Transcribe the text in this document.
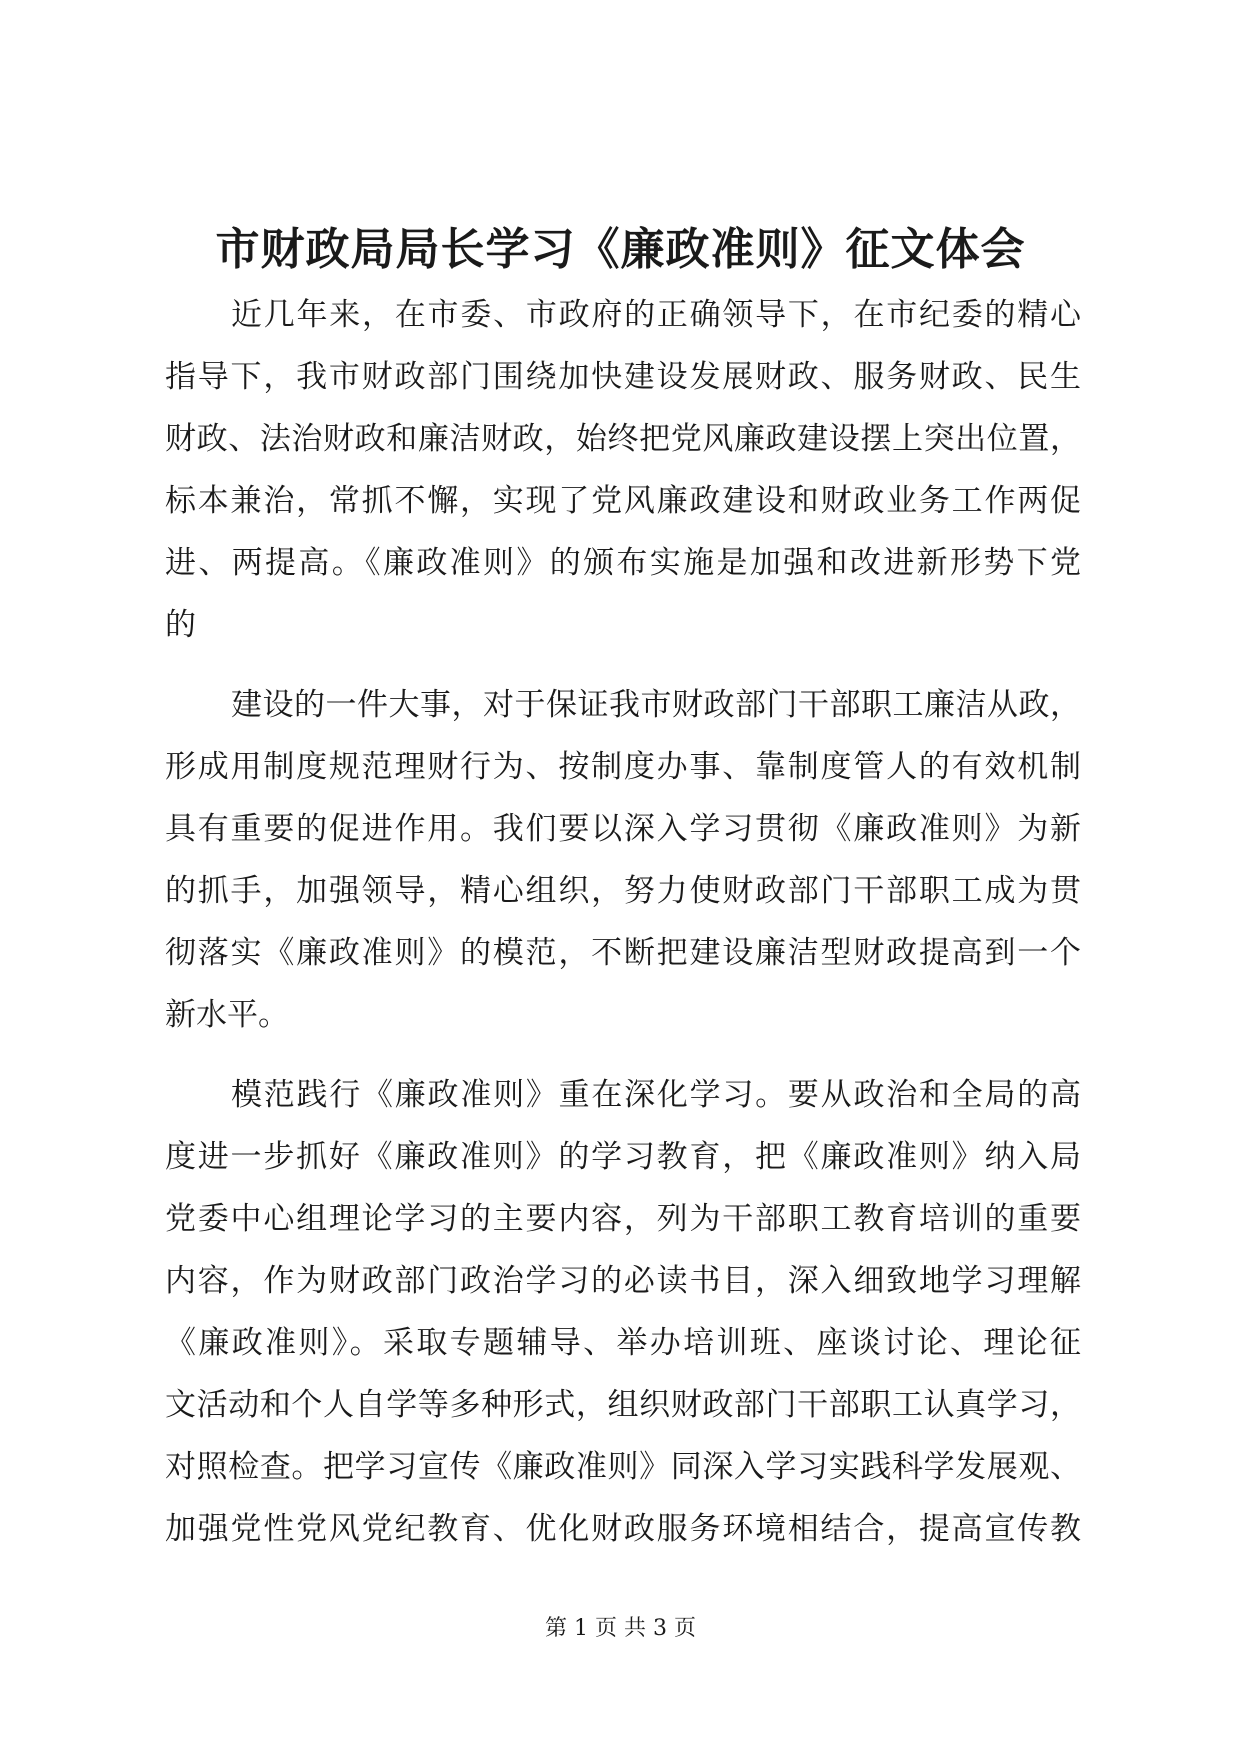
市财政局局长学习《廉政准则》征文体会

近几年来，在市委、市政府的正确领导下，在市纪委的精心
指导下，我市财政部门围绕加快建设发展财政、服务财政、民生
财政、法治财政和廉洁财政，始终把党风廉政建设摆上突出位置，
标本兼治，常抓不懈，实现了党风廉政建设和财政业务工作两促
进、两提高。《廉政准则》的颁布实施是加强和改进新形势下党
的

建设的一件大事，对于保证我市财政部门干部职工廉洁从政，
形成用制度规范理财行为、按制度办事、靠制度管人的有效机制
具有重要的促进作用。我们要以深入学习贯彻《廉政准则》为新
的抓手，加强领导，精心组织，努力使财政部门干部职工成为贯
彻落实《廉政准则》的模范，不断把建设廉洁型财政提高到一个
新水平。

模范践行《廉政准则》重在深化学习。要从政治和全局的高
度进一步抓好《廉政准则》的学习教育，把《廉政准则》纳入局
党委中心组理论学习的主要内容，列为干部职工教育培训的重要
内容，作为财政部门政治学习的必读书目，深入细致地学习理解
《廉政准则》。采取专题辅导、举办培训班、座谈讨论、理论征
文活动和个人自学等多种形式，组织财政部门干部职工认真学习，
对照检查。把学习宣传《廉政准则》同深入学习实践科学发展观、
加强党性党风党纪教育、优化财政服务环境相结合，提高宣传教

第 1 页 共 3 页
